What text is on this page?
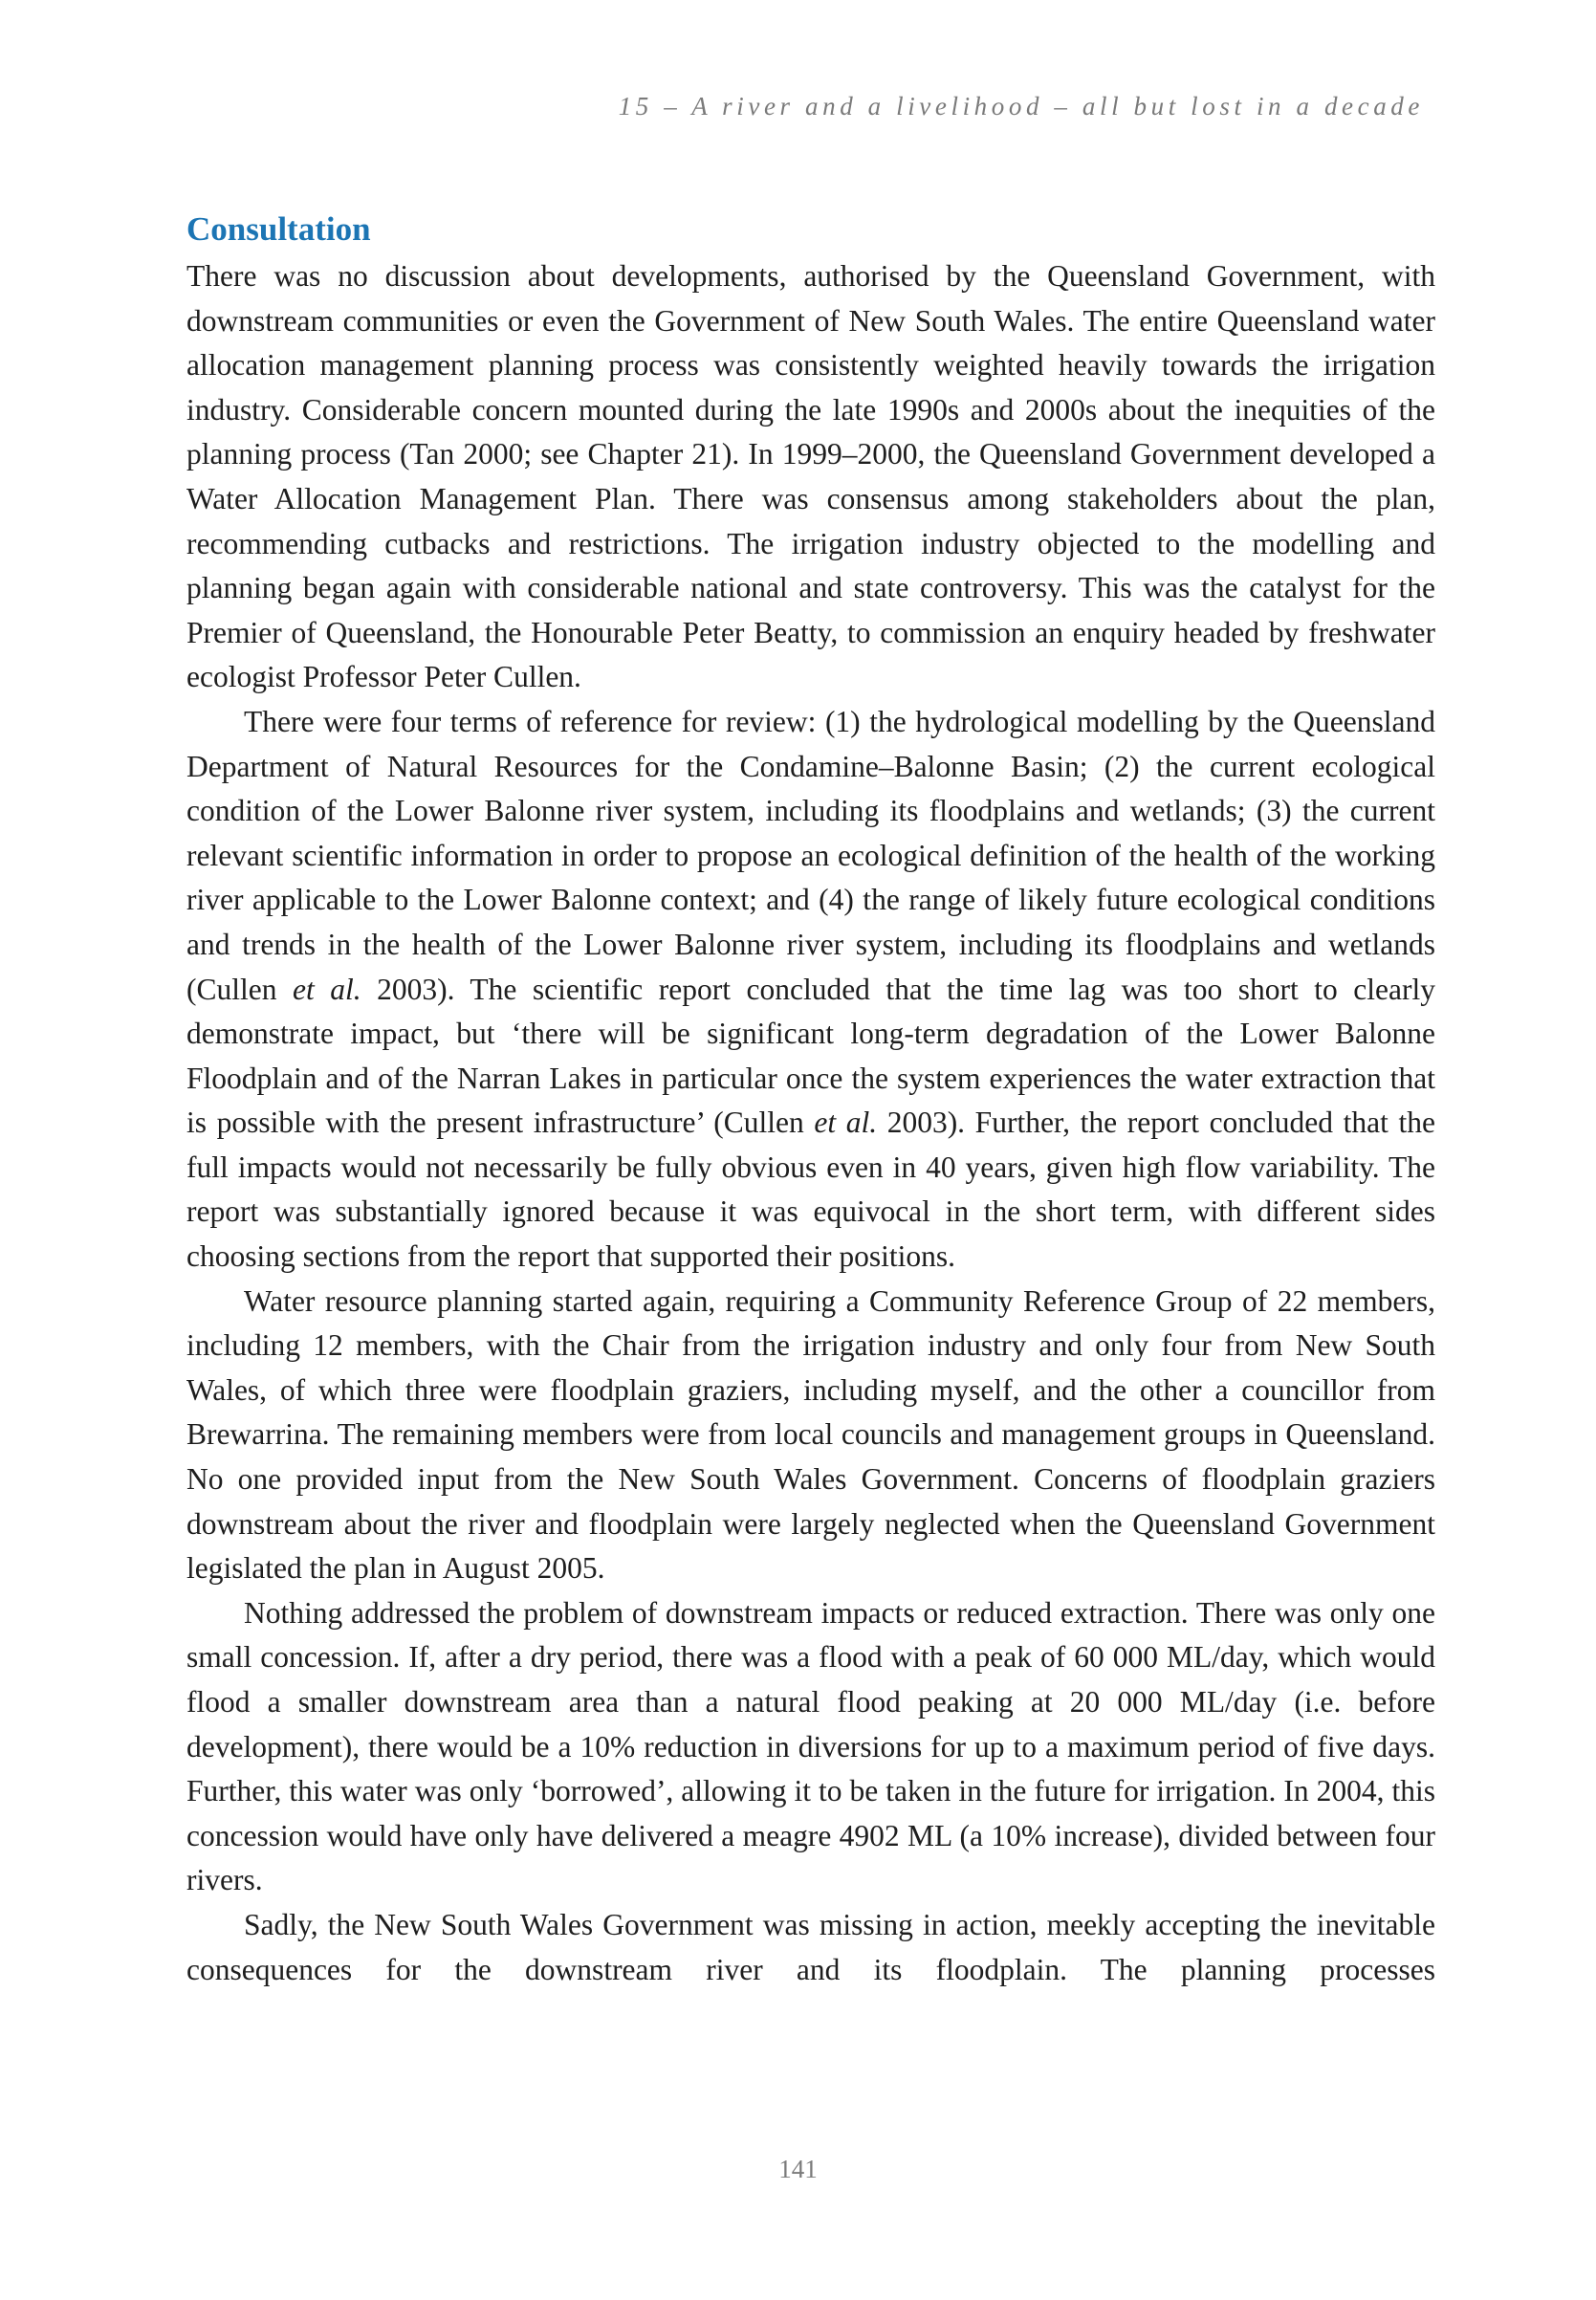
15 – A river and a livelihood – all but lost in a decade
Consultation

There was no discussion about developments, authorised by the Queensland Government, with downstream communities or even the Government of New South Wales. The entire Queensland water allocation management planning process was consistently weighted heavily towards the irrigation industry. Considerable concern mounted during the late 1990s and 2000s about the inequities of the planning process (Tan 2000; see Chapter 21). In 1999–2000, the Queensland Government developed a Water Allocation Management Plan. There was consensus among stakeholders about the plan, recommending cutbacks and restrictions. The irrigation industry objected to the modelling and planning began again with considerable national and state controversy. This was the catalyst for the Premier of Queensland, the Honourable Peter Beatty, to commission an enquiry headed by freshwater ecologist Professor Peter Cullen.

There were four terms of reference for review: (1) the hydrological modelling by the Queensland Department of Natural Resources for the Condamine–Balonne Basin; (2) the current ecological condition of the Lower Balonne river system, including its floodplains and wetlands; (3) the current relevant scientific information in order to propose an ecological definition of the health of the working river applicable to the Lower Balonne context; and (4) the range of likely future ecological conditions and trends in the health of the Lower Balonne river system, including its floodplains and wetlands (Cullen et al. 2003). The scientific report concluded that the time lag was too short to clearly demonstrate impact, but ‘there will be significant long-term degradation of the Lower Balonne Floodplain and of the Narran Lakes in particular once the system experiences the water extraction that is possible with the present infrastructure’ (Cullen et al. 2003). Further, the report concluded that the full impacts would not necessarily be fully obvious even in 40 years, given high flow variability. The report was substantially ignored because it was equivocal in the short term, with different sides choosing sections from the report that supported their positions.

Water resource planning started again, requiring a Community Reference Group of 22 members, including 12 members, with the Chair from the irrigation industry and only four from New South Wales, of which three were floodplain graziers, including myself, and the other a councillor from Brewarrina. The remaining members were from local councils and management groups in Queensland. No one provided input from the New South Wales Government. Concerns of floodplain graziers downstream about the river and floodplain were largely neglected when the Queensland Government legislated the plan in August 2005.

Nothing addressed the problem of downstream impacts or reduced extraction. There was only one small concession. If, after a dry period, there was a flood with a peak of 60 000 ML/day, which would flood a smaller downstream area than a natural flood peaking at 20 000 ML/day (i.e. before development), there would be a 10% reduction in diversions for up to a maximum period of five days. Further, this water was only ‘borrowed’, allowing it to be taken in the future for irrigation. In 2004, this concession would have only have delivered a meagre 4902 ML (a 10% increase), divided between four rivers.

Sadly, the New South Wales Government was missing in action, meekly accepting the inevitable consequences for the downstream river and its floodplain. The planning processes

141
